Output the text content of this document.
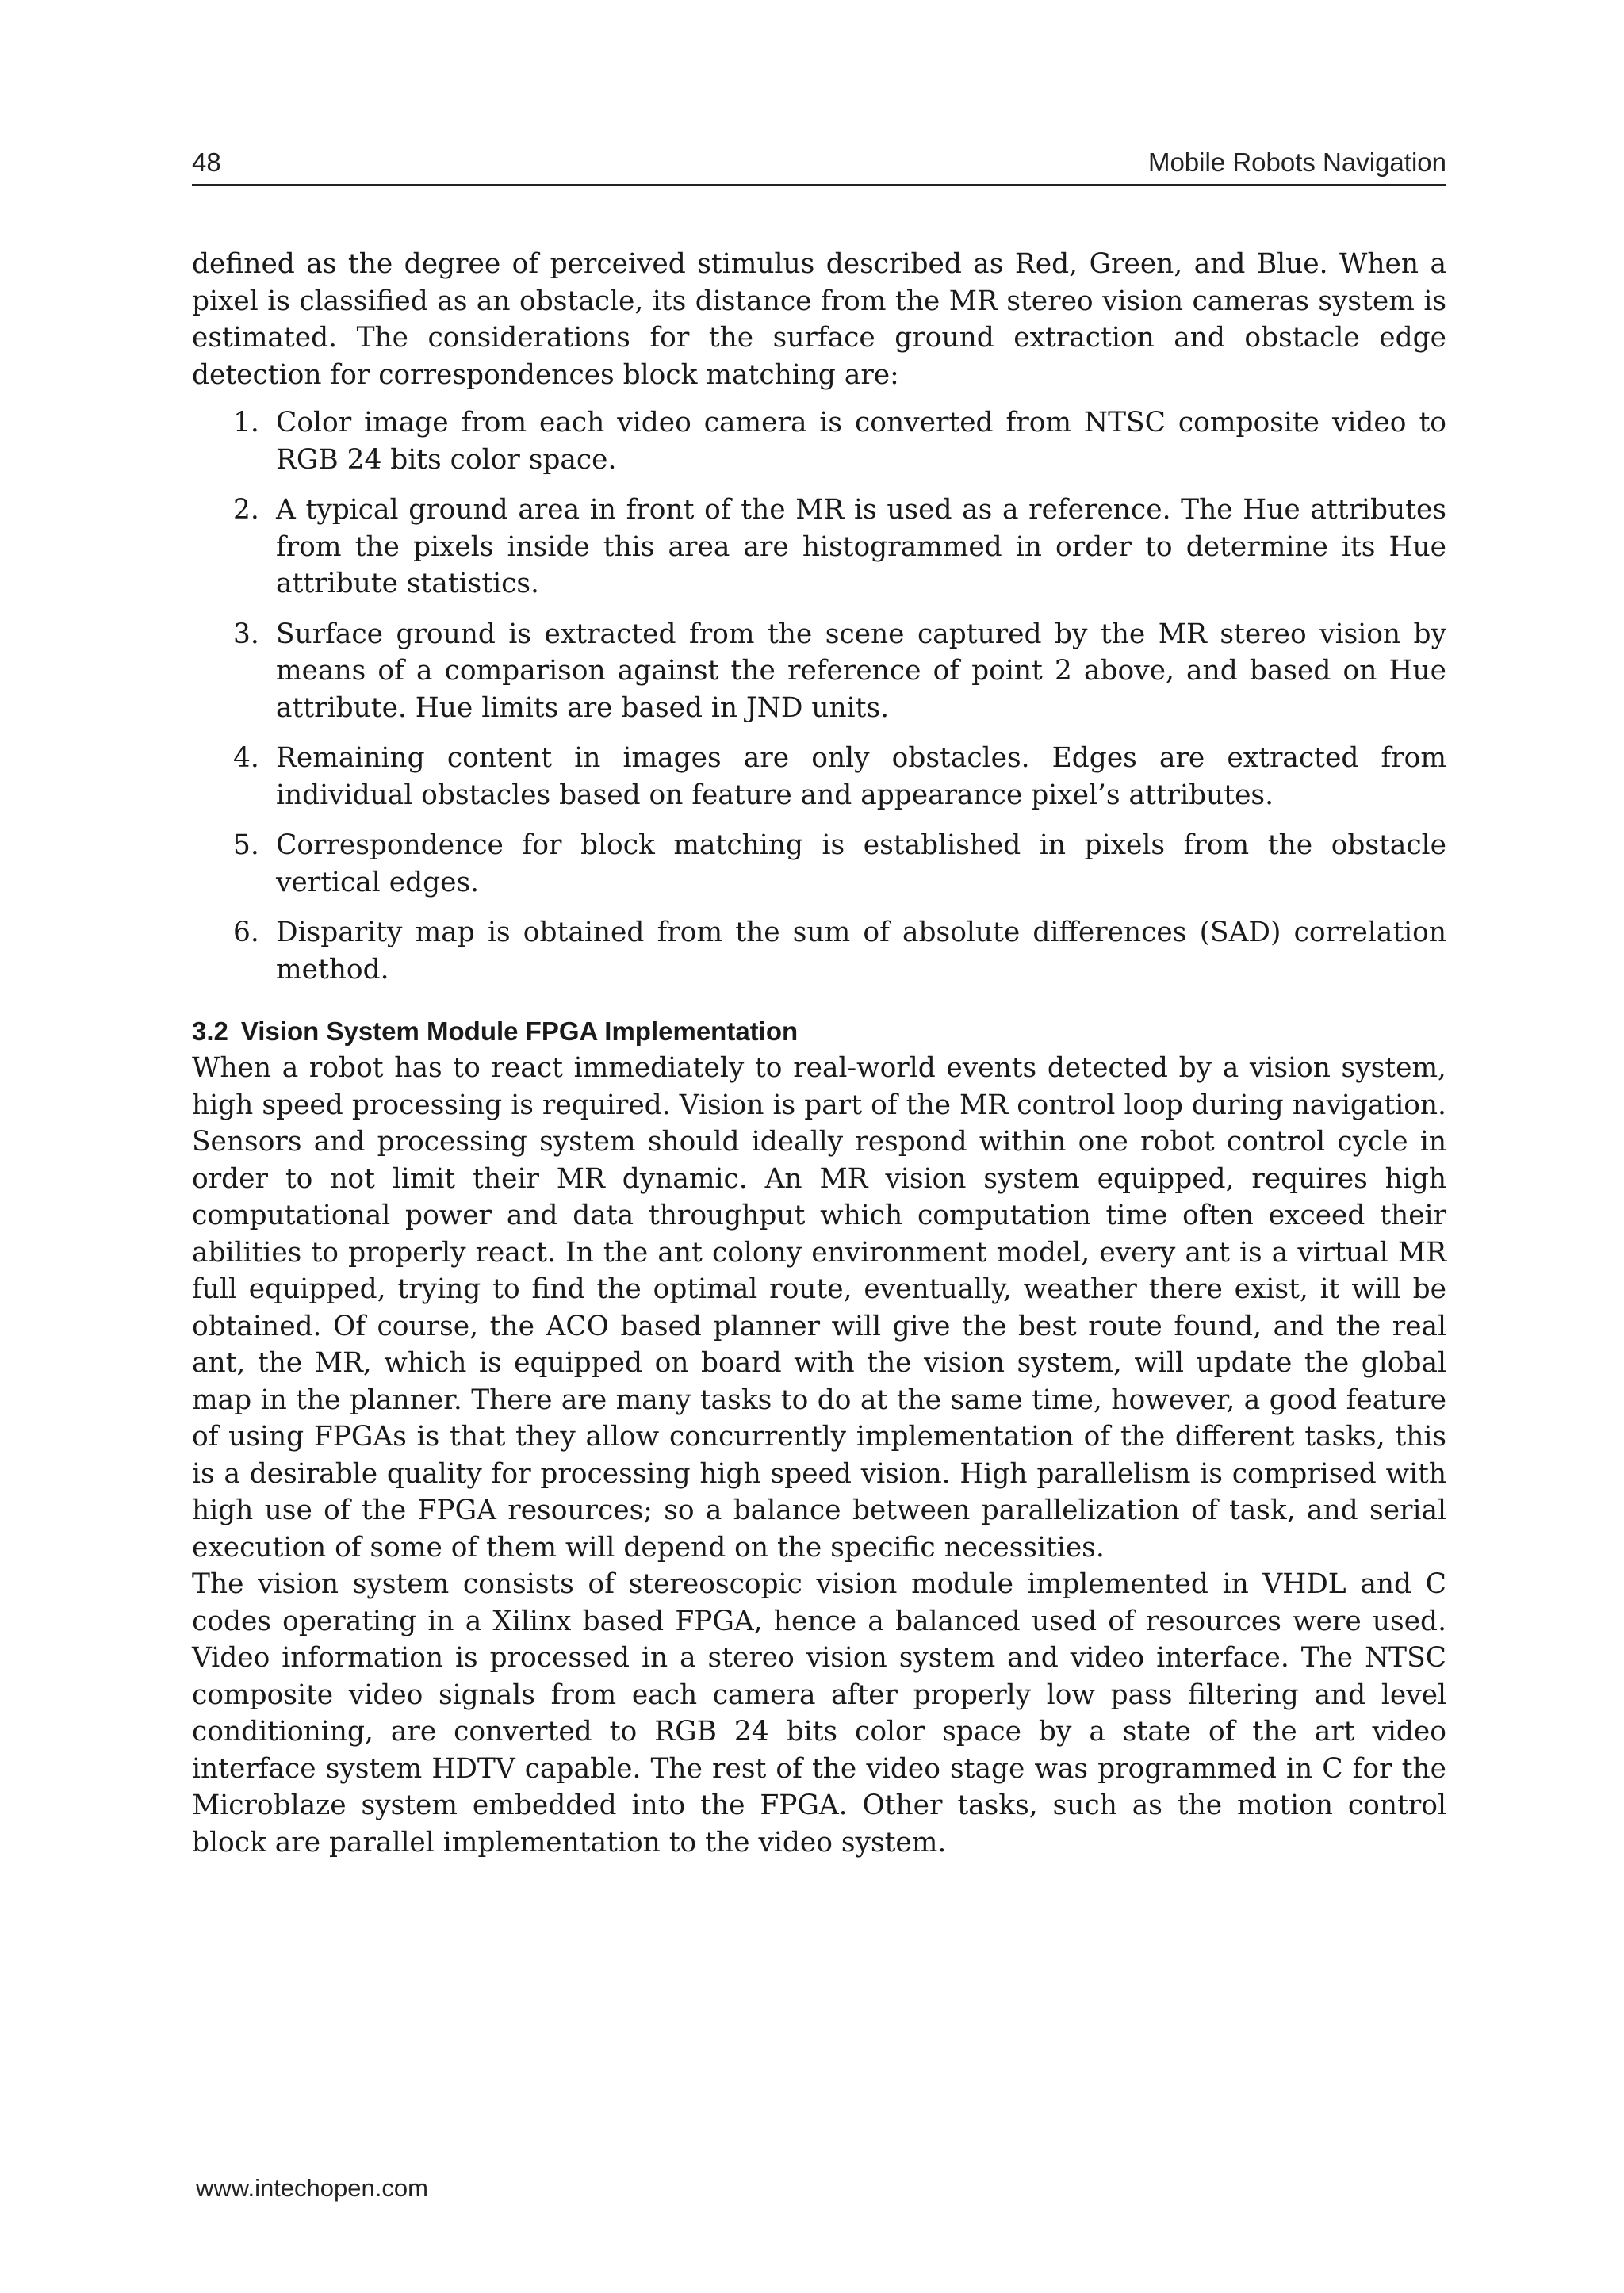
48	Mobile Robots Navigation

defined as the degree of perceived stimulus described as Red, Green, and Blue. When a pixel is classified as an obstacle, its distance from the MR stereo vision cameras system is estimated. The considerations for the surface ground extraction and obstacle edge detection for correspondences block matching are:

1. Color image from each video camera is converted from NTSC composite video to RGB 24 bits color space.
2. A typical ground area in front of the MR is used as a reference. The Hue attributes from the pixels inside this area are histogrammed in order to determine its Hue attribute statistics.
3. Surface ground is extracted from the scene captured by the MR stereo vision by means of a comparison against the reference of point 2 above, and based on Hue attribute. Hue limits are based in JND units.
4. Remaining content in images are only obstacles. Edges are extracted from individual obstacles based on feature and appearance pixel’s attributes.
5. Correspondence for block matching is established in pixels from the obstacle vertical edges.
6. Disparity map is obtained from the sum of absolute differences (SAD) correlation method.
3.2 Vision System Module FPGA Implementation

When a robot has to react immediately to real-world events detected by a vision system, high speed processing is required. Vision is part of the MR control loop during navigation. Sensors and processing system should ideally respond within one robot control cycle in order to not limit their MR dynamic. An MR vision system equipped, requires high computational power and data throughput which computation time often exceed their abilities to properly react. In the ant colony environment model, every ant is a virtual MR full equipped, trying to find the optimal route, eventually, weather there exist, it will be obtained. Of course, the ACO based planner will give the best route found, and the real ant, the MR, which is equipped on board with the vision system, will update the global map in the planner. There are many tasks to do at the same time, however, a good feature of using FPGAs is that they allow concurrently implementation of the different tasks, this is a desirable quality for processing high speed vision. High parallelism is comprised with high use of the FPGA resources; so a balance between parallelization of task, and serial execution of some of them will depend on the specific necessities.

The vision system consists of stereoscopic vision module implemented in VHDL and C codes operating in a Xilinx based FPGA, hence a balanced used of resources were used. Video information is processed in a stereo vision system and video interface. The NTSC composite video signals from each camera after properly low pass filtering and level conditioning, are converted to RGB 24 bits color space by a state of the art video interface system HDTV capable. The rest of the video stage was programmed in C for the Microblaze system embedded into the FPGA. Other tasks, such as the motion control block are parallel implementation to the video system.

www.intechopen.com
